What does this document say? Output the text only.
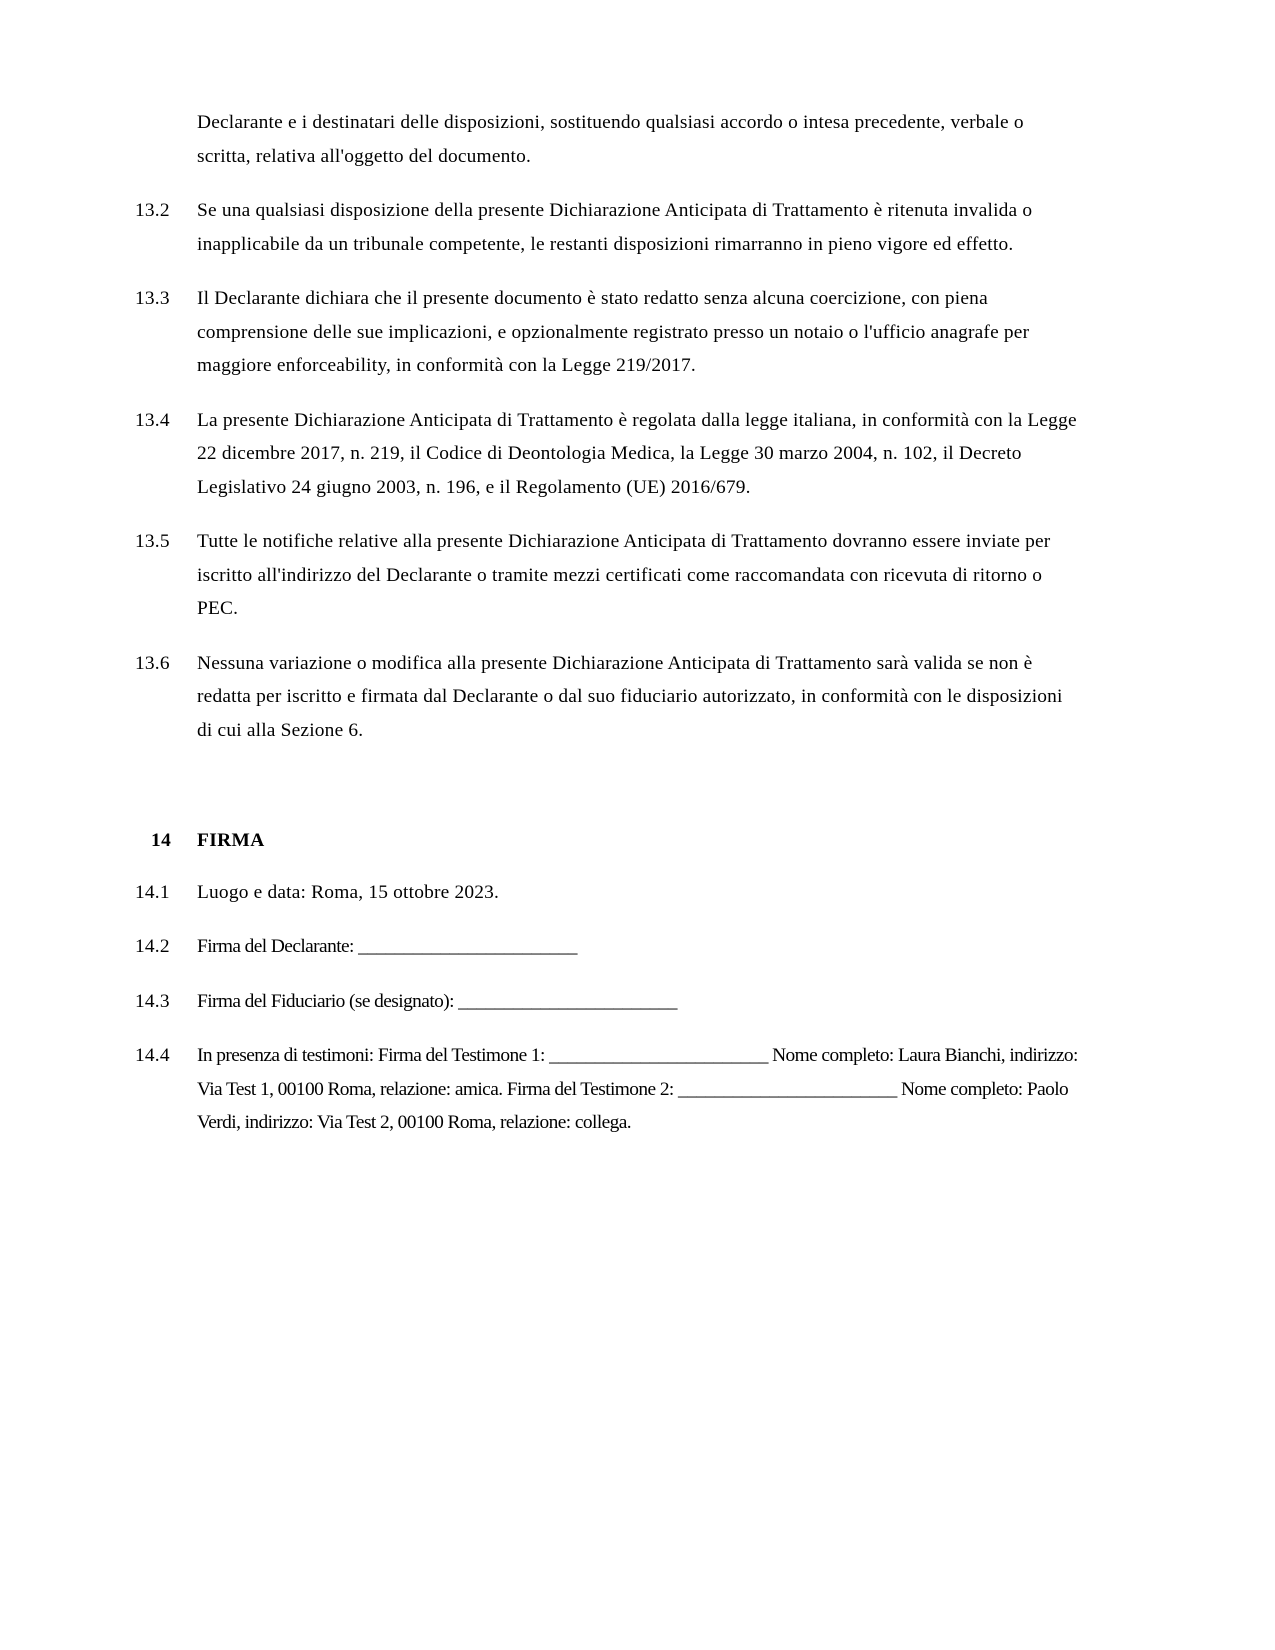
Declarante e i destinatari delle disposizioni, sostituendo qualsiasi accordo o intesa precedente, verbale o scritta, relativa all'oggetto del documento.

13.2	Se una qualsiasi disposizione della presente Dichiarazione Anticipata di Trattamento è ritenuta invalida o inapplicabile da un tribunale competente, le restanti disposizioni rimarranno in pieno vigore ed effetto.

13.3	Il Declarante dichiara che il presente documento è stato redatto senza alcuna coercizione, con piena comprensione delle sue implicazioni, e opzionalmente registrato presso un notaio o l'ufficio anagrafe per maggiore enforceability, in conformità con la Legge 219/2017.

13.4	La presente Dichiarazione Anticipata di Trattamento è regolata dalla legge italiana, in conformità con la Legge 22 dicembre 2017, n. 219, il Codice di Deontologia Medica, la Legge 30 marzo 2004, n. 102, il Decreto Legislativo 24 giugno 2003, n. 196, e il Regolamento (UE) 2016/679.

13.5	Tutte le notifiche relative alla presente Dichiarazione Anticipata di Trattamento dovranno essere inviate per iscritto all'indirizzo del Declarante o tramite mezzi certificati come raccomandata con ricevuta di ritorno o PEC.

13.6	Nessuna variazione o modifica alla presente Dichiarazione Anticipata di Trattamento sarà valida se non è redatta per iscritto e firmata dal Declarante o dal suo fiduciario autorizzato, in conformità con le disposizioni di cui alla Sezione 6.

14 FIRMA

14.1	Luogo e data: Roma, 15 ottobre 2023.

14.2	Firma del Declarante: ________________________

14.3	Firma del Fiduciario (se designato): ________________________

14.4	In presenza di testimoni: Firma del Testimone 1: ________________________ Nome completo: Laura Bianchi, indirizzo: Via Test 1, 00100 Roma, relazione: amica. Firma del Testimone 2: ________________________ Nome completo: Paolo Verdi, indirizzo: Via Test 2, 00100 Roma, relazione: collega.
